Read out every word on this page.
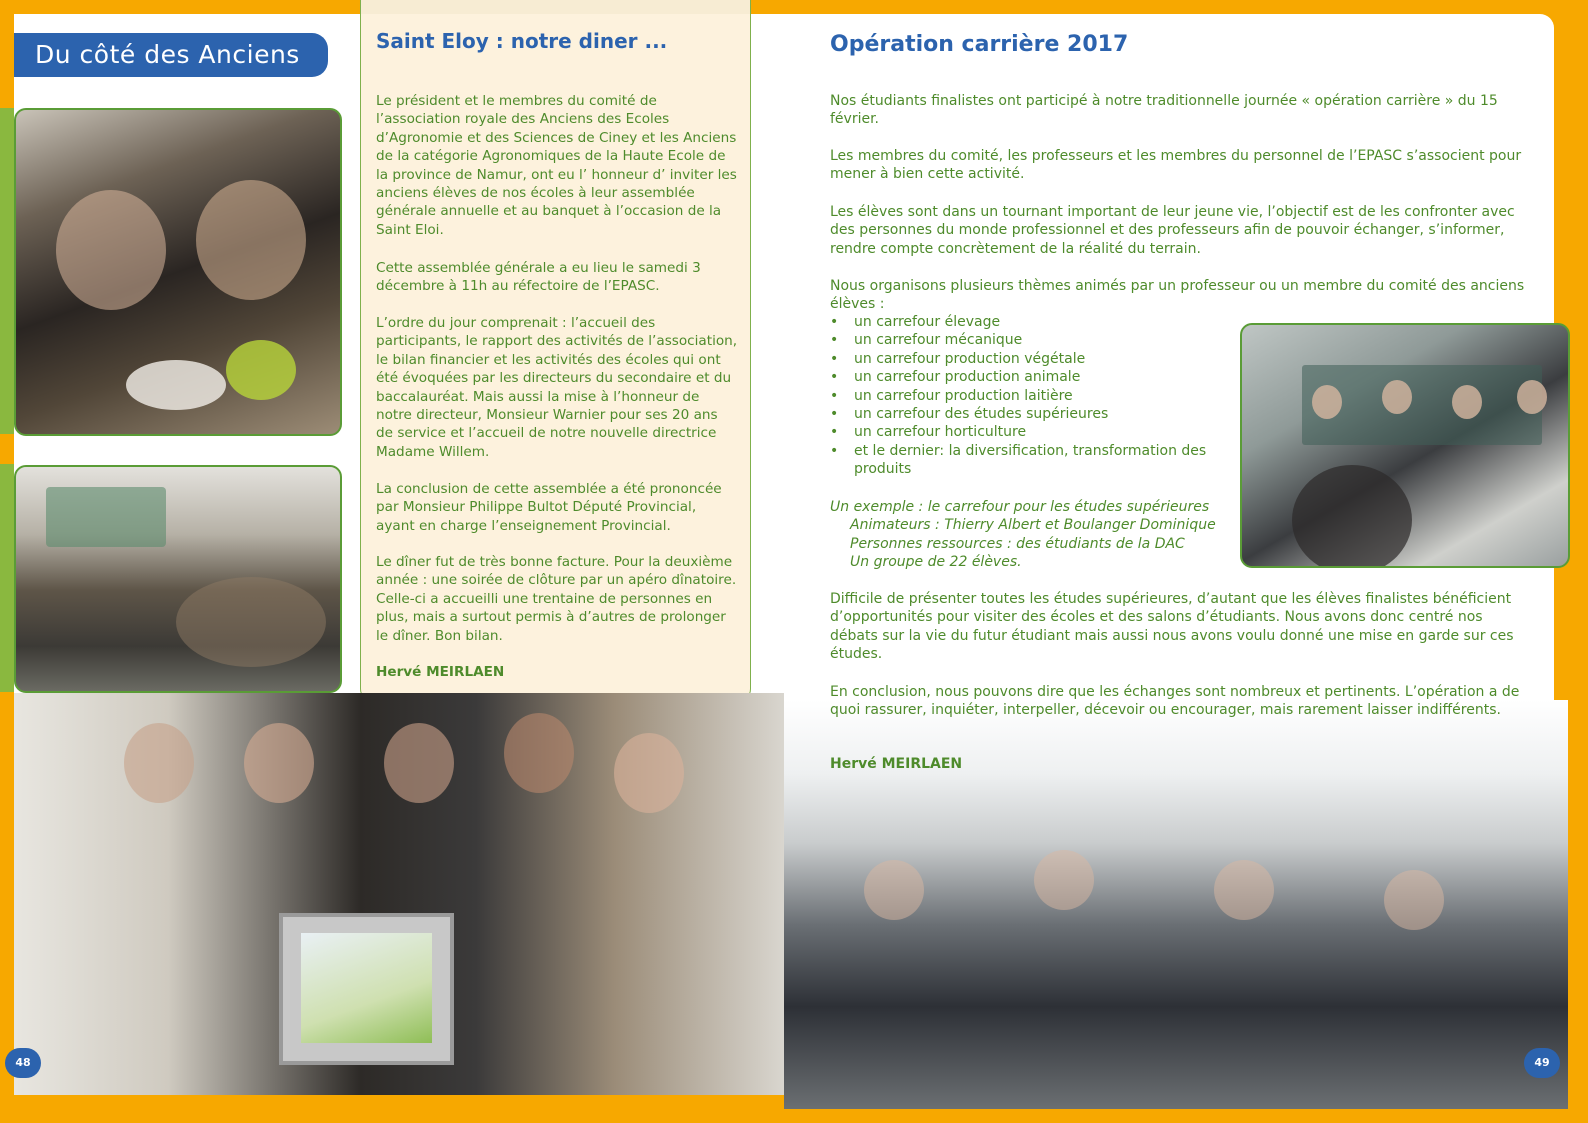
Du côté des Anciens	Saint Eloy : notre diner ...

Le président et le membres du comité de l’association royale des Anciens des Ecoles d’Agronomie et des Sciences de Ciney et les Anciens de la catégorie Agronomiques de la Haute Ecole de la province de Namur, ont eu l’ honneur d’ inviter les anciens élèves de nos écoles à leur assemblée générale annuelle et au banquet à l’occasion de la Saint Eloi.

Cette assemblée générale a eu lieu le samedi 3 décembre à 11h au réfectoire de l’EPASC.

L’ordre du jour comprenait : l’accueil des participants, le rapport des activités de l’association, le bilan financier et les activités des écoles qui ont été évoquées par les directeurs du secondaire et du baccalauréat. Mais aussi la mise à l’honneur de notre directeur, Monsieur Warnier pour ses 20 ans de service et l’accueil de notre nouvelle directrice Madame Willem.

La conclusion de cette assemblée a été prononcée par Monsieur Philippe Bultot Député Provincial, ayant en charge l’enseignement Provincial.

Le dîner fut de très bonne facture. Pour la deuxième année : une soirée de clôture par un apéro dînatoire. Celle-ci a accueilli une trentaine de personnes en plus, mais a surtout permis à d’autres de prolonger le dîner. Bon bilan.

Hervé MEIRLAEN
48
Opération carrière 2017

Nos étudiants finalistes ont participé à notre traditionnelle journée « opération carrière » du 15 février.

Les membres du comité, les professeurs et les membres du personnel de l’EPASC s’associent pour mener à bien cette activité.

Les élèves sont dans un tournant important de leur jeune vie, l’objectif est de les confronter avec des personnes du monde professionnel et des professeurs afin de pouvoir échanger, s’informer, rendre compte concrètement de la réalité du terrain.

Nous organisons plusieurs thèmes animés par un professeur ou un membre du comité des anciens élèves :

• un carrefour élevage
• un carrefour mécanique
• un carrefour production végétale
• un carrefour production animale
• un carrefour production laitière
• un carrefour des études supérieures
• un carrefour horticulture
• et le dernier: la diversification, transformation des produits
Un exemple : le carrefour pour les études supérieures
Animateurs : Thierry Albert et Boulanger Dominique
Personnes ressources : des étudiants de la DAC
Un groupe de 22 élèves.

Difficile de présenter toutes les études supérieures, d’autant que les élèves finalistes bénéficient d’opportunités pour visiter des écoles et des salons d’étudiants. Nous avons donc centré nos débats sur la vie du futur étudiant mais aussi nous avons voulu donné une mise en garde sur ces études.

En conclusion, nous pouvons dire que les échanges sont nombreux et pertinents. L’opération a de quoi rassurer, inquiéter, interpeller, décevoir ou encourager, mais rarement laisser indifférents.

Hervé MEIRLAEN
49
